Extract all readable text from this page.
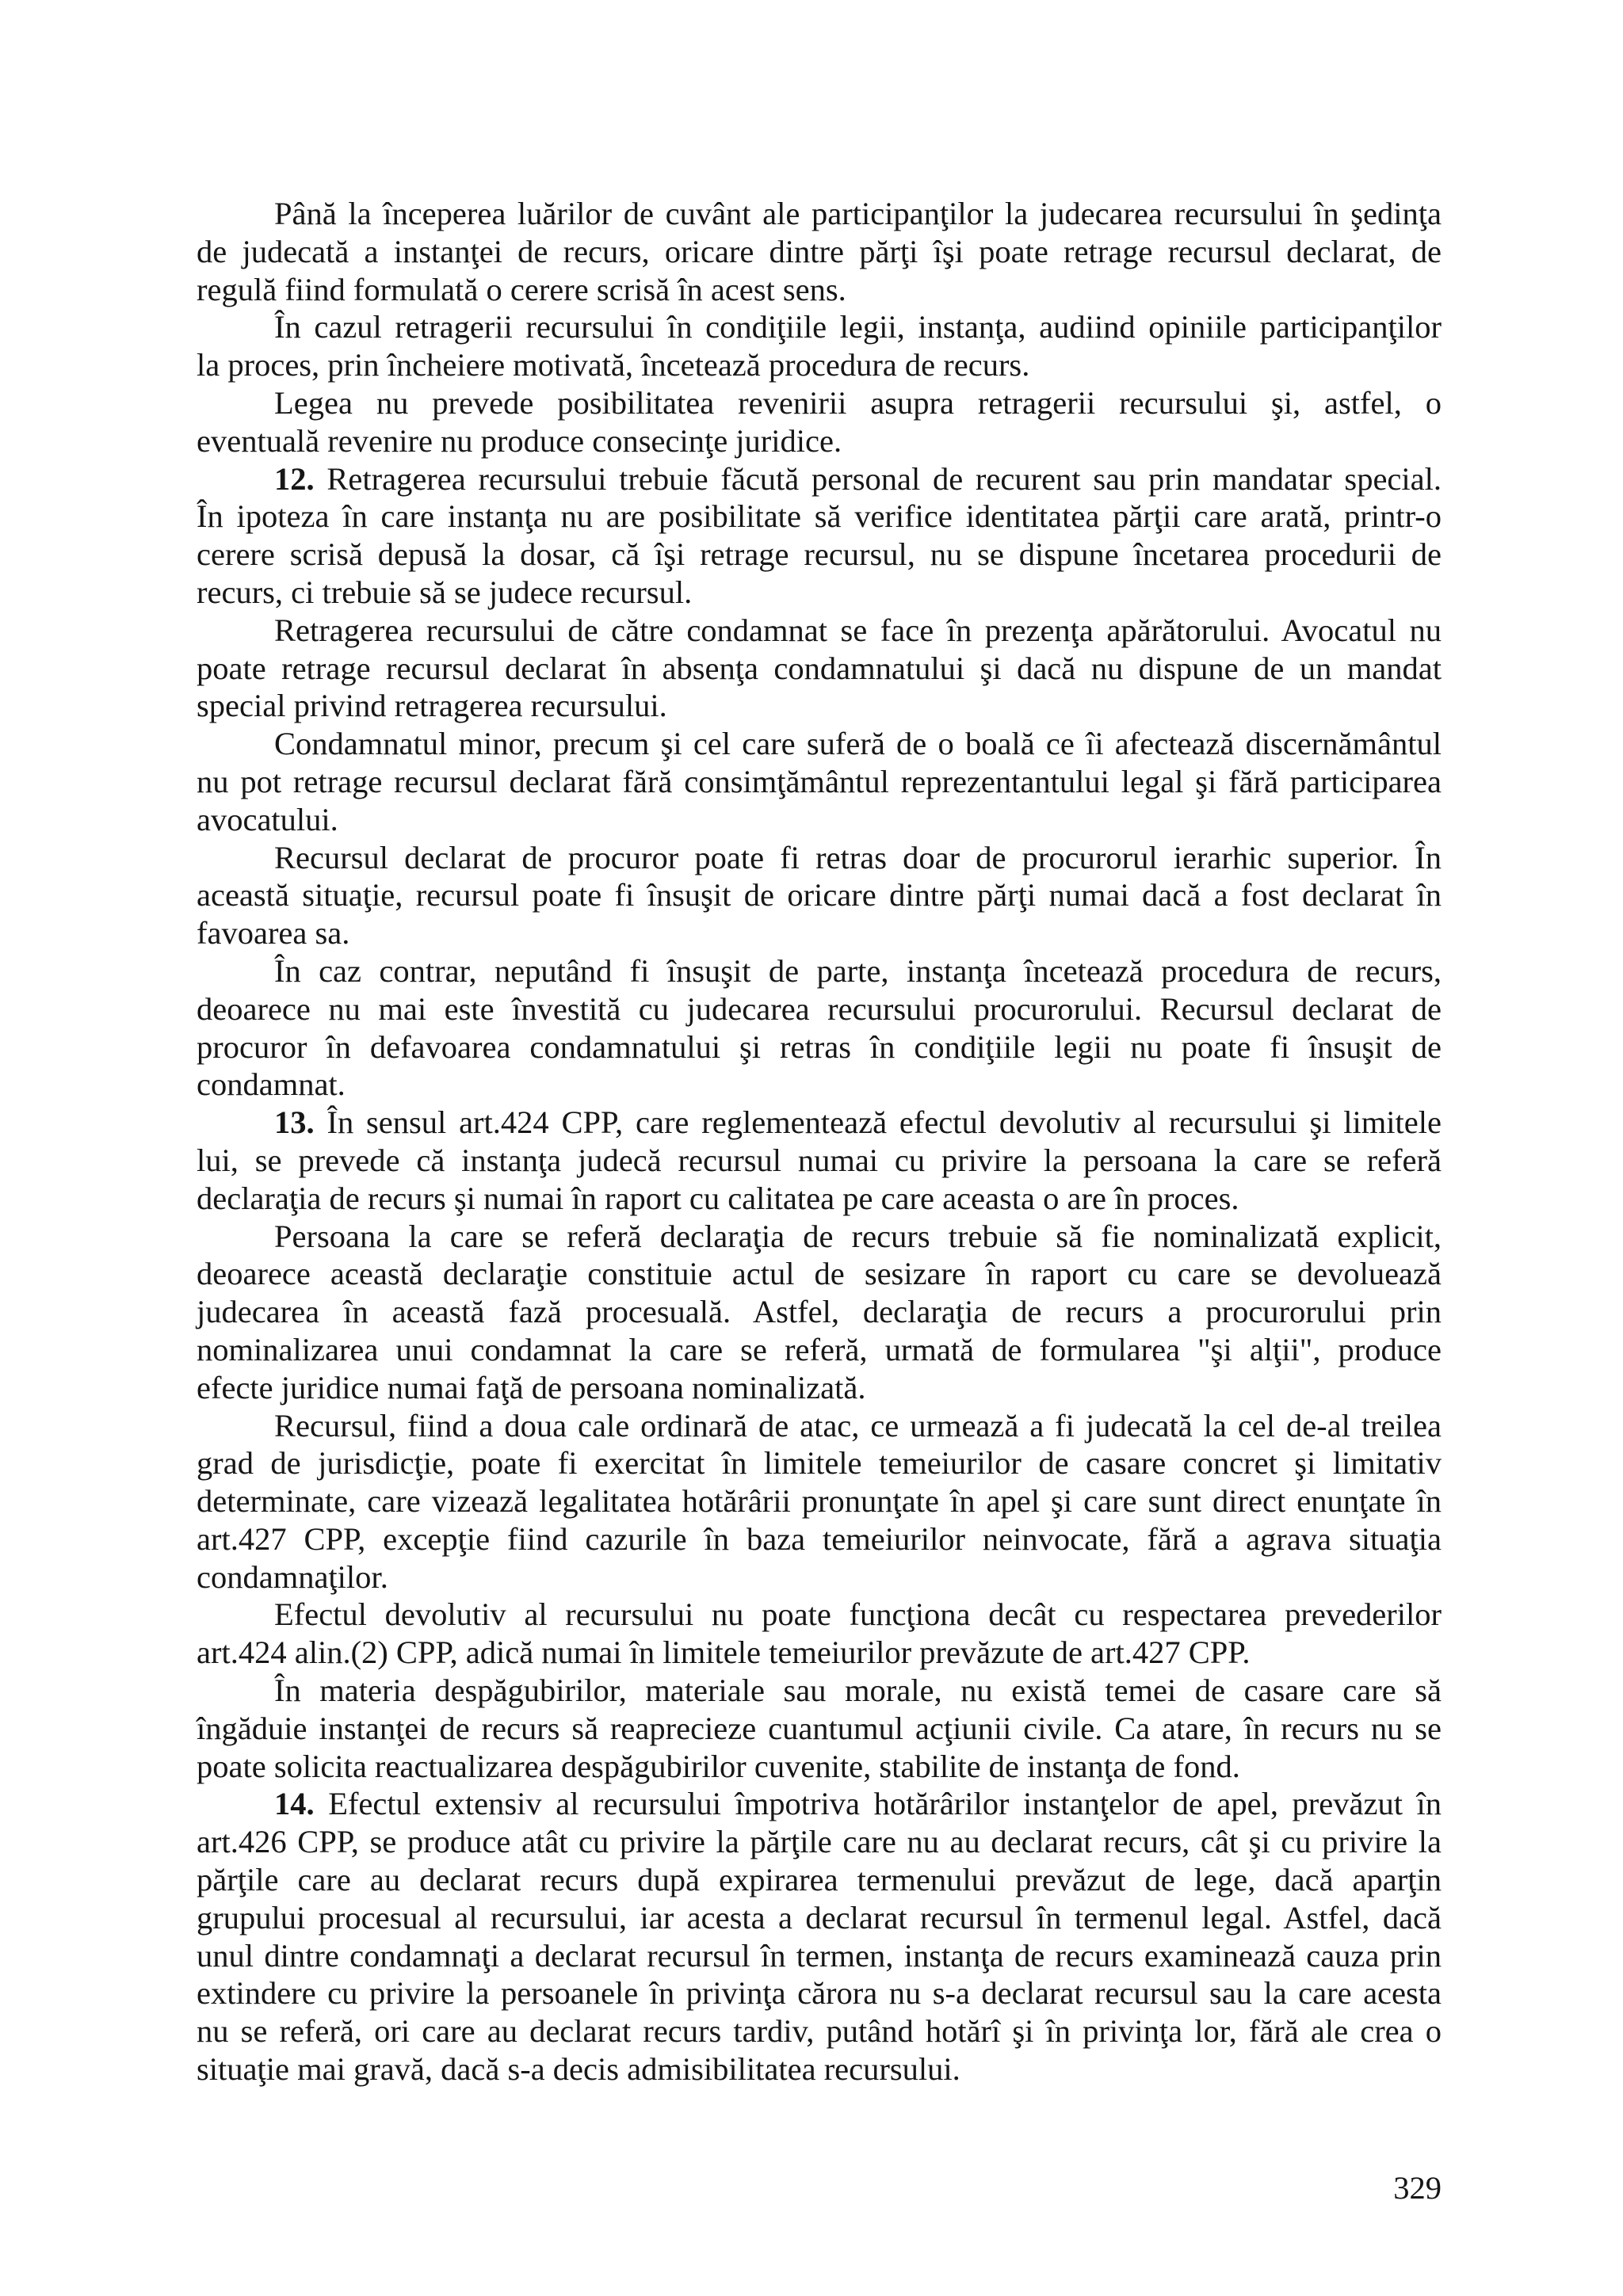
Până la începerea luărilor de cuvânt ale participanţilor la judecarea recursului în şedinţa
de judecată a instanţei de recurs, oricare dintre părţi îşi poate retrage recursul declarat, de
regulă fiind formulată o cerere scrisă în acest sens.
În cazul retragerii recursului în condiţiile legii, instanţa, audiind opiniile participanţilor
la proces, prin încheiere motivată, încetează procedura de recurs.
Legea nu prevede posibilitatea revenirii asupra retragerii recursului şi, astfel, o
eventuală revenire nu produce consecinţe juridice.
12. Retragerea recursului trebuie făcută personal de recurent sau prin mandatar special.
În ipoteza în care instanţa nu are posibilitate să verifice identitatea părţii care arată, printr-o
cerere scrisă depusă la dosar, că îşi retrage recursul, nu se dispune încetarea procedurii de
recurs, ci trebuie să se judece recursul.
Retragerea recursului de către condamnat se face în prezenţa apărătorului. Avocatul nu
poate retrage recursul declarat în absenţa condamnatului şi dacă nu dispune de un mandat
special privind retragerea recursului.
Condamnatul minor, precum şi cel care suferă de o boală ce îi afectează discernământul
nu pot retrage recursul declarat fără consimţământul reprezentantului legal şi fără participarea
avocatului.
Recursul declarat de procuror poate fi retras doar de procurorul ierarhic superior. În
această situaţie, recursul poate fi însuşit de oricare dintre părţi numai dacă a fost declarat în
favoarea sa.
În caz contrar, neputând fi însuşit de parte, instanţa încetează procedura de recurs,
deoarece nu mai este învestită cu judecarea recursului procurorului. Recursul declarat de
procuror în defavoarea condamnatului şi retras în condiţiile legii nu poate fi însuşit de
condamnat.
13. În sensul art.424 CPP, care reglementează efectul devolutiv al recursului şi limitele
lui, se prevede că instanţa judecă recursul numai cu privire la persoana la care se referă
declaraţia de recurs şi numai în raport cu calitatea pe care aceasta o are în proces.
Persoana la care se referă declaraţia de recurs trebuie să fie nominalizată explicit,
deoarece această declaraţie constituie actul de sesizare în raport cu care se devoluează
judecarea în această fază procesuală. Astfel, declaraţia de recurs a procurorului prin
nominalizarea unui condamnat la care se referă, urmată de formularea "şi alţii", produce
efecte juridice numai faţă de persoana nominalizată.
Recursul, fiind a doua cale ordinară de atac, ce urmează a fi judecată la cel de-al treilea
grad de jurisdicţie, poate fi exercitat în limitele temeiurilor de casare concret şi limitativ
determinate, care vizează legalitatea hotărârii pronunţate în apel şi care sunt direct enunţate în
art.427 CPP, excepţie fiind cazurile în baza temeiurilor neinvocate, fără a agrava situaţia
condamnaţilor.
Efectul devolutiv al recursului nu poate funcţiona decât cu respectarea prevederilor
art.424 alin.(2) CPP, adică numai în limitele temeiurilor prevăzute de art.427 CPP.
În materia despăgubirilor, materiale sau morale, nu există temei de casare care să
îngăduie instanţei de recurs să reaprecieze cuantumul acţiunii civile. Ca atare, în recurs nu se
poate solicita reactualizarea despăgubirilor cuvenite, stabilite de instanţa de fond.
14. Efectul extensiv al recursului împotriva hotărârilor instanţelor de apel, prevăzut în
art.426 CPP, se produce atât cu privire la părţile care nu au declarat recurs, cât şi cu privire la
părţile care au declarat recurs după expirarea termenului prevăzut de lege, dacă aparţin
grupului procesual al recursului, iar acesta a declarat recursul în termenul legal. Astfel, dacă
unul dintre condamnaţi a declarat recursul în termen, instanţa de recurs examinează cauza prin
extindere cu privire la persoanele în privinţa cărora nu s-a declarat recursul sau la care acesta
nu se referă, ori care au declarat recurs tardiv, putând hotărî şi în privinţa lor, fără ale crea o
situaţie mai gravă, dacă s-a decis admisibilitatea recursului.
329
